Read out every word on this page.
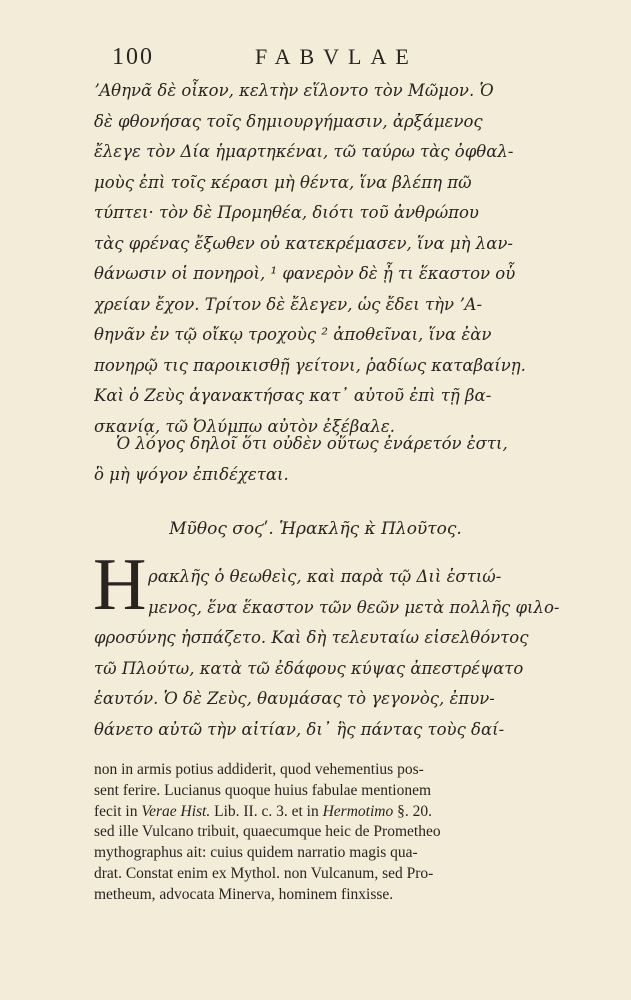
100	FABVLAE
ʼΑθηνᾶ δὲ οἶκον, κελτὴν εἵλοντο τὸν Μῶμον. Ὁ
δὲ φθονήσας τοῖς δημιουργήμασιν, ἀρξάμενος
ἔλεγε τὸν Δία ἡμαρτηκέναι, τῶ ταύρω τὰς ὀφθαλ-
μοὺς ἐπὶ τοῖς κέρασι μὴ θέντα, ἵνα βλέπη πῶ
τύπτει· τὸν δὲ Προμηθέα, διότι τοῦ ἀνθρώπου
τὰς φρένας ἔξωθεν οὐ κατεκρέμασεν, ἵνα μὴ λαν-
θάνωσιν οἱ πονηροὶ, ¹ φανερὸν δὲ ᾖ τι ἕκαστον οὗ
χρείαν ἔχον. Τρίτον δὲ ἔλεγεν, ὡς ἔδει τὴν ʼΑ-
θηνᾶν ἐν τῷ οἴκῳ τροχοὺς ² ἀποθεῖναι, ἵνα ἐὰν
πονηρῷ τις παροικισθῇ γείτονι, ῥαδίως καταβαίνῃ.
Καὶ ὁ Ζεὺς ἀγανακτήσας κατ᾽ αὐτοῦ ἐπὶ τῇ βα-
σκανίᾳ, τῶ Ὀλύμπω αὐτὸν ἐξέβαλε.
Ὁ λόγος δηλοῖ ὅτι οὐδὲν οὕτως ἐνάρετόν ἐστι,
ὃ μὴ ψόγον ἐπιδέχεται.
Μῦθος σοϛʹ. Ἡρακλῆς κ̀ Πλοῦτος.
H ρακλῆς ὁ θεωθεὶς, καὶ παρὰ τῷ Διὶ ἑστιώ-
μενος, ἕνα ἕκαστον τῶν θεῶν μετὰ πολλῆς φιλο-
φροσύνης ἠσπάζετο. Καὶ δὴ τελευταίω εἰσελθόντος
τῶ Πλούτω, κατὰ τῶ ἐδάφους κύψας ἀπεστρέψατο
ἑαυτόν. Ὁ δὲ Ζεὺς, θαυμάσας τὸ γεγονὸς, ἐπυν-
θάνετο αὐτῶ τὴν αἰτίαν, δι᾽ ἣς πάντας τοὺς δαί-
non in armis potius addiderit, quod vehementius pos-
sent ferire. Lucianus quoque huius fabulae mentionem
fecit in Verae Hist. Lib. II. c. 3. et in Hermotimo §. 20.
sed ille Vulcano tribuit, quaecumque heic de Prometheo
mythographus ait: cuius quidem narratio magis qua-
drat. Constat enim ex Mythol. non Vulcanum, sed Pro-
metheum, advocata Minerva, hominem finxisse.
